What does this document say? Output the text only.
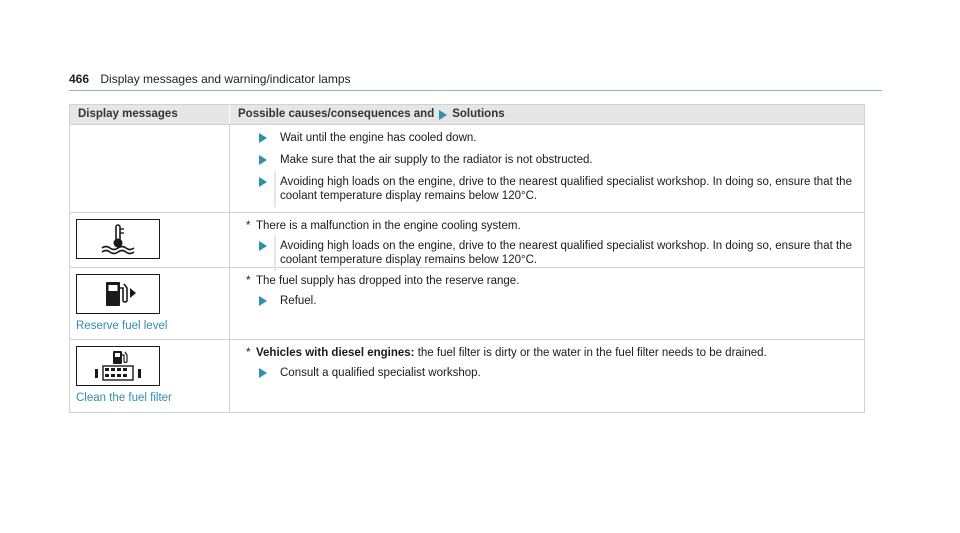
466 Display messages and warning/indicator lamps
Display messages	Possible causes/consequences and Solutions
Wait until the engine has cooled down.
Make sure that the air supply to the radiator is not obstructed.
Avoiding high loads on the engine, drive to the nearest qualified specialist workshop. In doing so, ensure that the coolant temperature display remains below 120°C.
* There is a malfunction in the engine cooling system.
Avoiding high loads on the engine, drive to the nearest qualified specialist workshop. In doing so, ensure that the coolant temperature display remains below 120°C.
Reserve fuel level
* The fuel supply has dropped into the reserve range.
Refuel.
Clean the fuel filter
* Vehicles with diesel engines: the fuel filter is dirty or the water in the fuel filter needs to be drained.
Consult a qualified specialist workshop.
